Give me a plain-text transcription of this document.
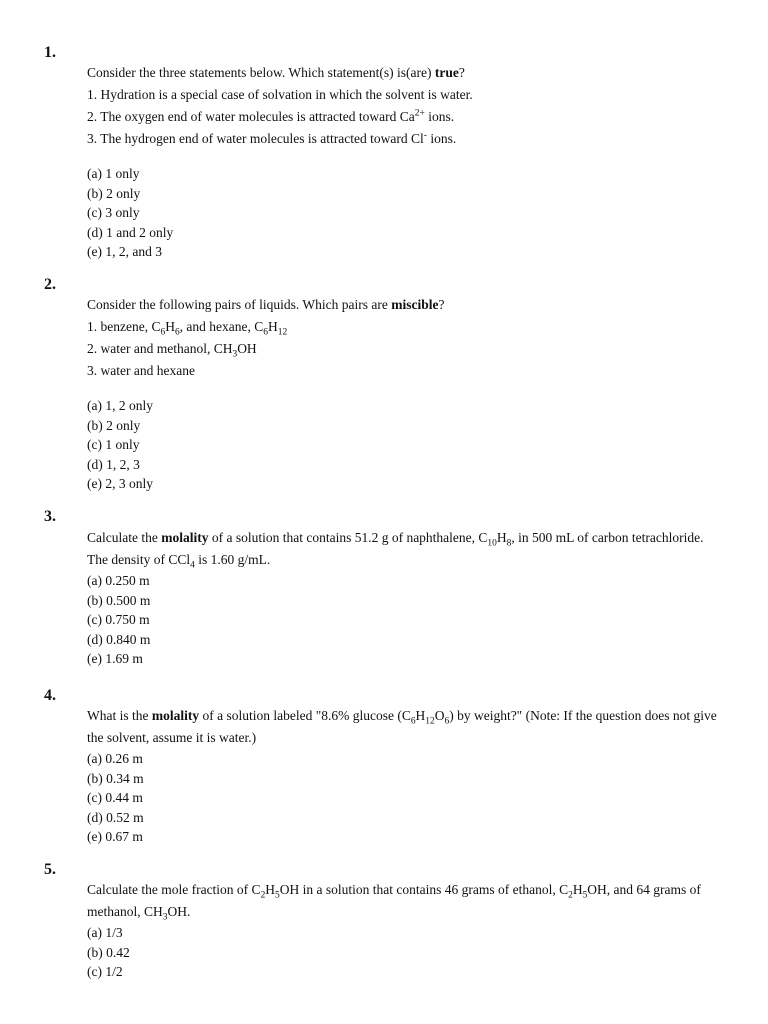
1.
Consider the three statements below. Which statement(s) is(are) true?
1. Hydration is a special case of solvation in which the solvent is water.
2. The oxygen end of water molecules is attracted toward $Ca^{2+}$ ions.
3. The hydrogen end of water molecules is attracted toward Cl- ions.
(a) 1 only
(b) 2 only
(c) 3 only
(d) 1 and 2 only
(e) 1, 2, and 3
2.
Consider the following pairs of liquids. Which pairs are miscible?
1. benzene, $C_6H_6$, and hexane, $C_6H_{12}$
2. water and methanol, $CH_3OH$
3. water and hexane
(a) 1, 2 only
(b) 2 only
(c) 1 only
(d) 1, 2, 3
(e) 2, 3 only
3.
Calculate the molality of a solution that contains 51.2 g of naphthalene, $C_{10}H_8$, in 500 mL of carbon tetrachloride. The density of CCl$_4$ is 1.60 g/mL.
(a) 0.250 m
(b) 0.500 m
(c) 0.750 m
(d) 0.840 m
(e) 1.69 m
4.
What is the molality of a solution labeled "8.6% glucose $(C_6H_{12}O_6)$ by weight?" (Note: If the question does not give the solvent, assume it is water.)
(a) 0.26 m
(b) 0.34 m
(c) 0.44 m
(d) 0.52 m
(e) 0.67 m
5.
Calculate the mole fraction of $C_2H_5OH$ in a solution that contains 46 grams of ethanol, $C_2H_5OH$, and 64 grams of methanol, $CH_3OH$.
(a) 1/3
(b) 0.42
(c) 1/2
